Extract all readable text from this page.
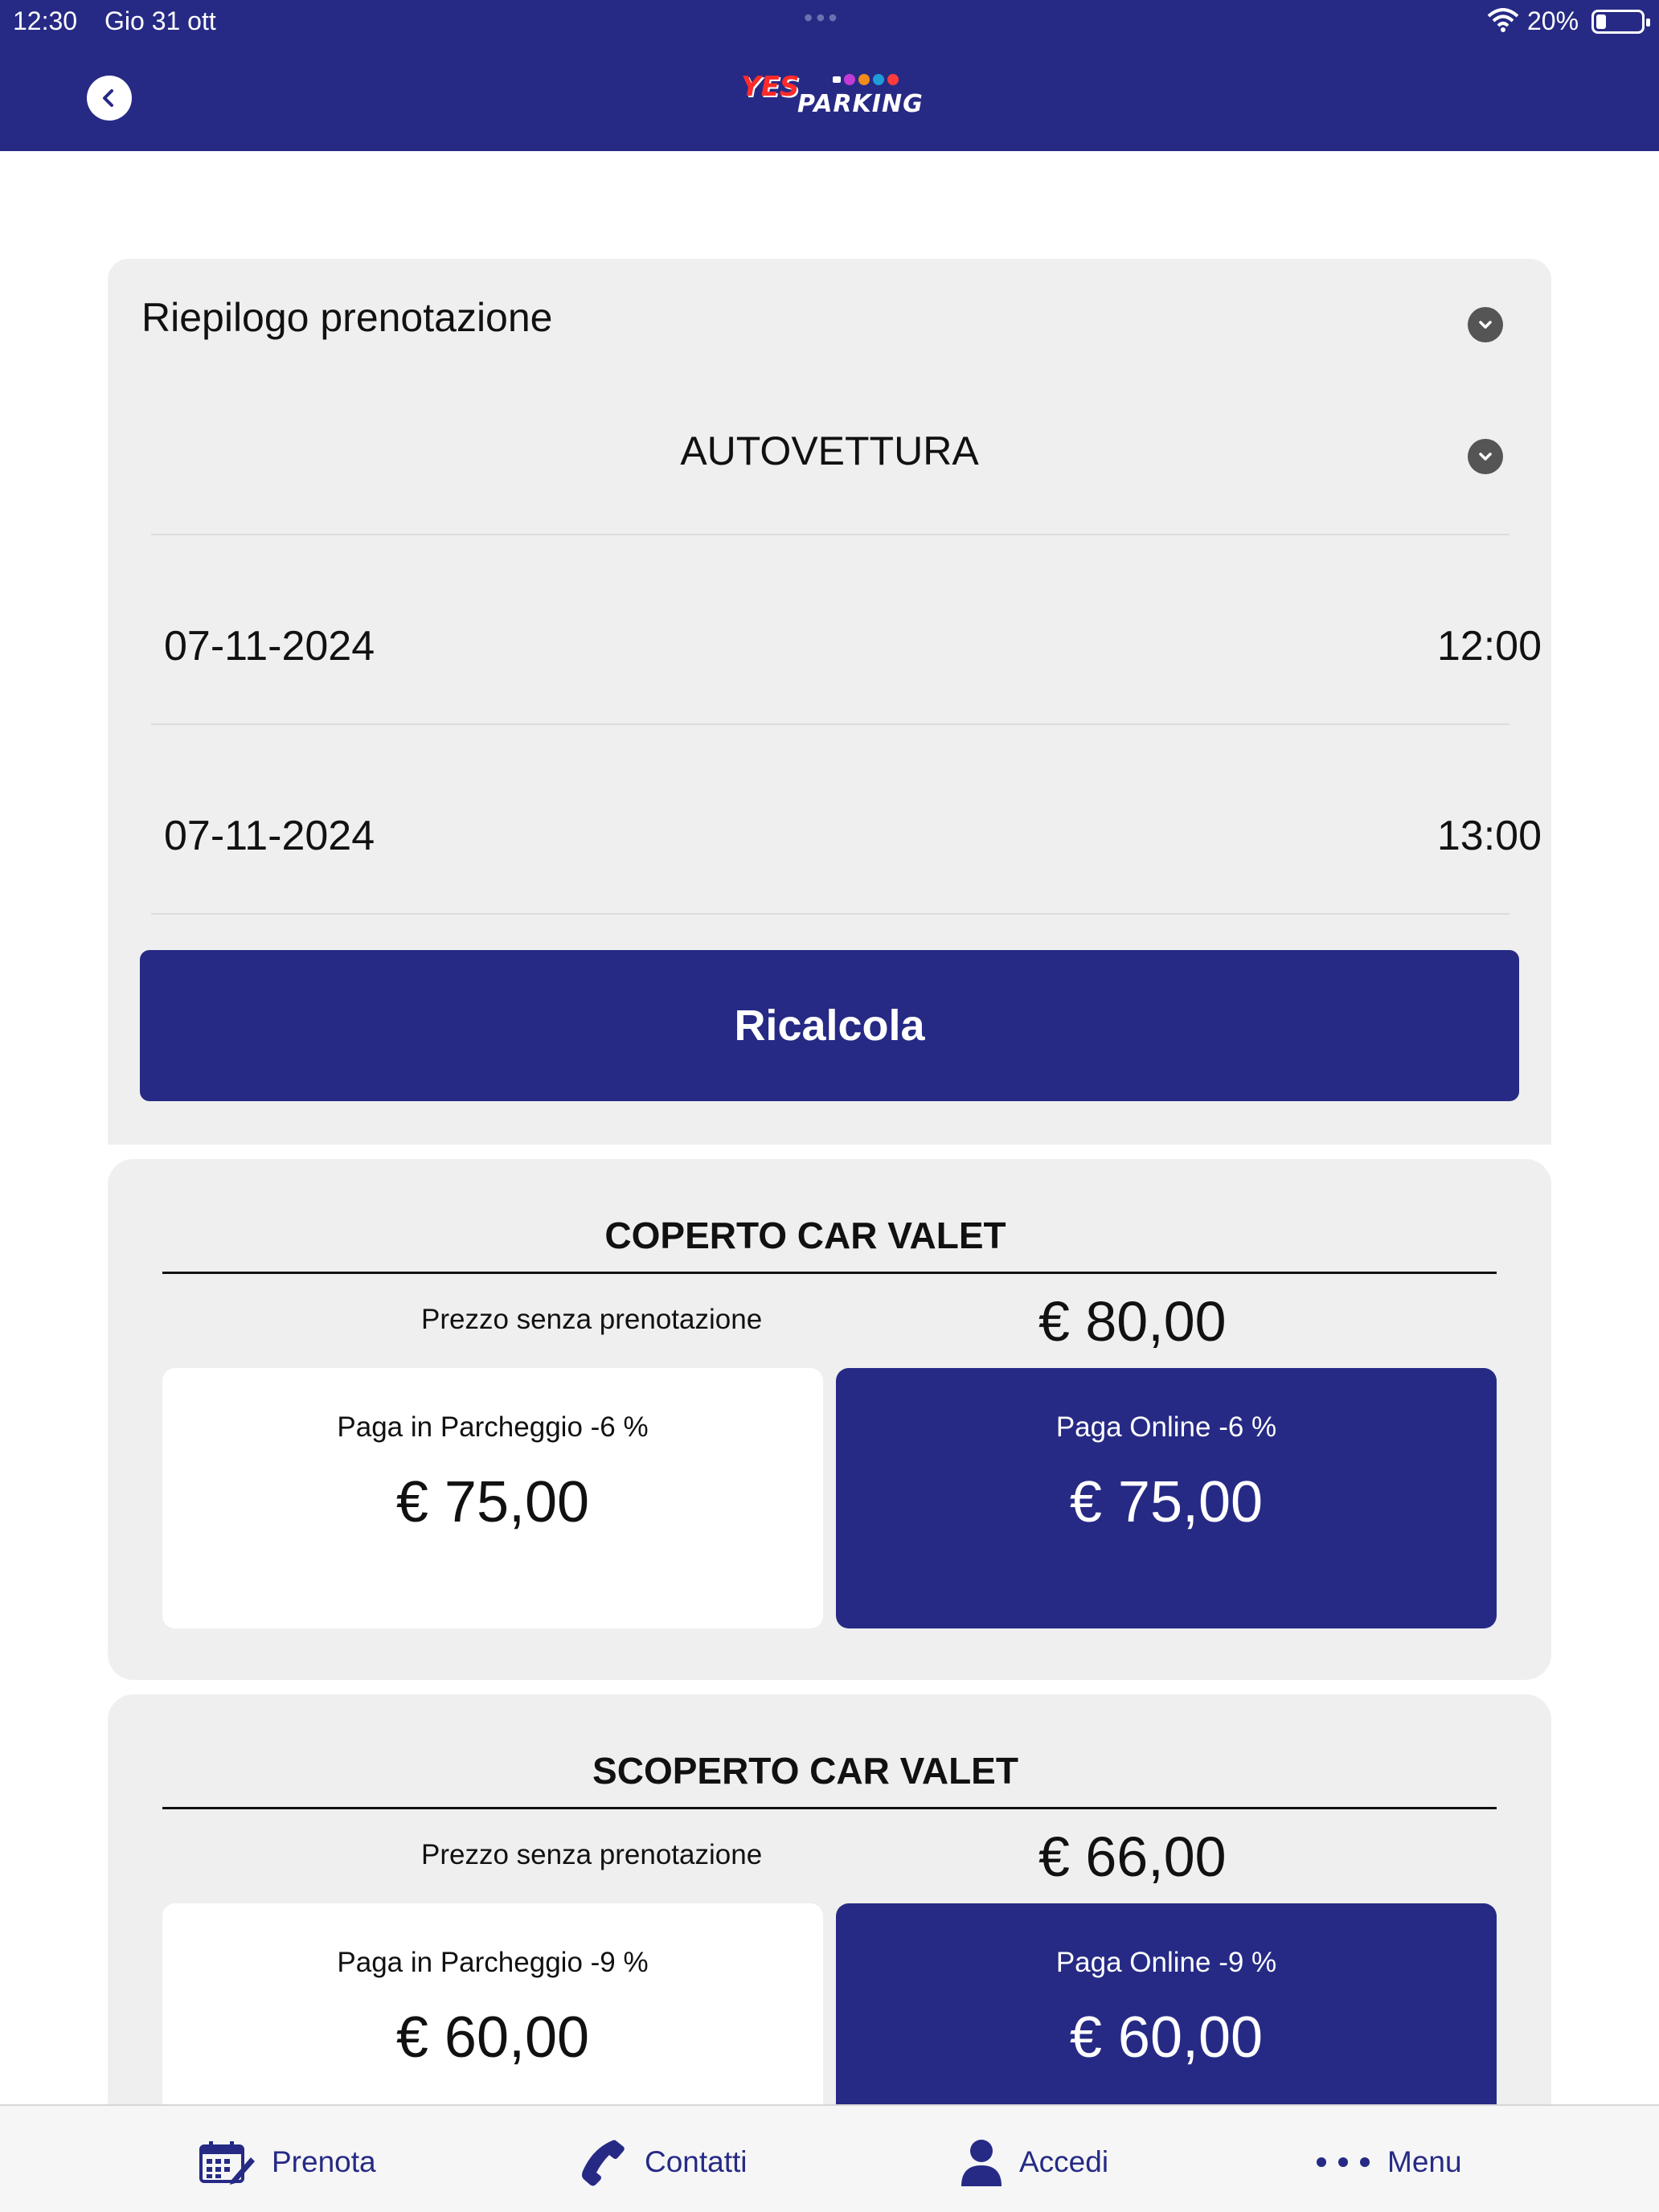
12:30 Gio 31 ott	•••	20%
YES
PARKING
Riepilogo prenotazione
AUTOVETTURA
07-11-2024	12:00
07-11-2024	13:00
Ricalcola
COPERTO CAR VALET
Prezzo senza prenotazione	€ 80,00
Paga in Parcheggio -6 %
€ 75,00
Paga Online -6 %
€ 75,00
SCOPERTO CAR VALET
Prezzo senza prenotazione	€ 66,00
Paga in Parcheggio -9 %
€ 60,00
Paga Online -9 %
€ 60,00
Prenota	Contatti	Accedi	Menu
